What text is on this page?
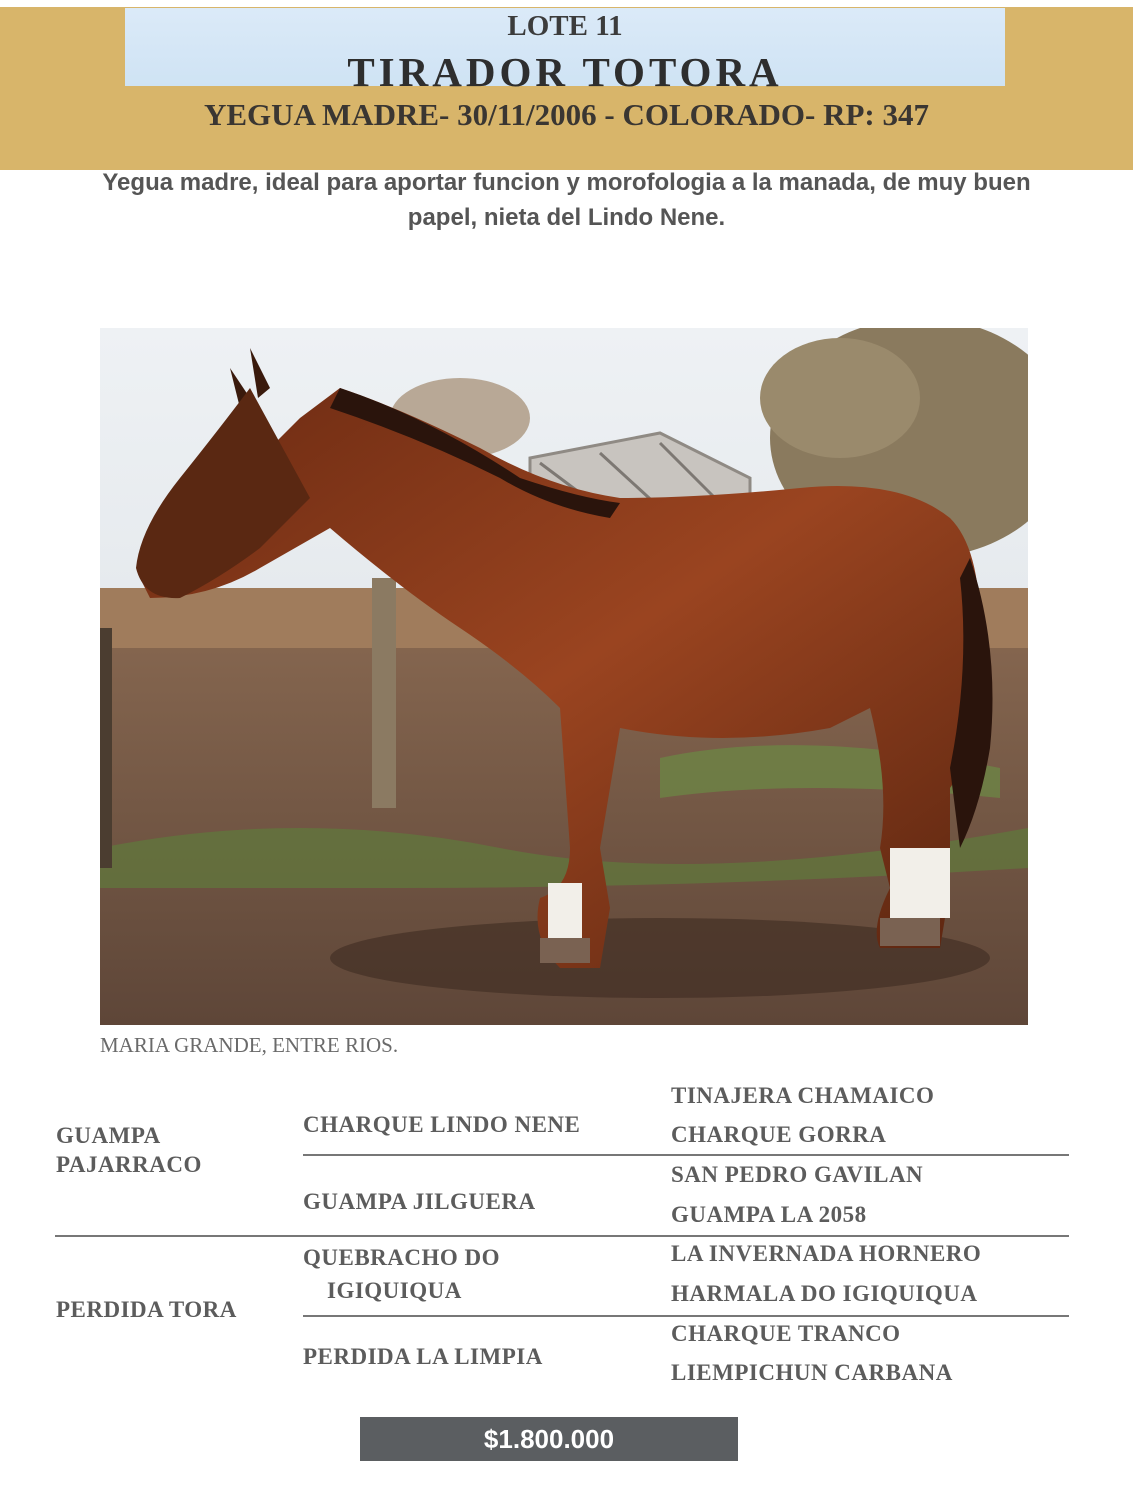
LOTE 11
TIRADOR TOTORA
YEGUA MADRE- 30/11/2006 - COLORADO- RP: 347
Yegua madre, ideal para aportar funcion y morofologia a la manada, de muy buen
papel, nieta del Lindo Nene.
MARIA GRANDE, ENTRE RIOS.
GUAMPA
PAJARRACO
PERDIDA TORA
CHARQUE LINDO NENE
GUAMPA JILGUERA
QUEBRACHO DO
IGIQUIQUA
PERDIDA LA LIMPIA
TINAJERA CHAMAICO
CHARQUE GORRA
SAN PEDRO GAVILAN
GUAMPA LA 2058
LA INVERNADA HORNERO
HARMALA DO IGIQUIQUA
CHARQUE TRANCO
LIEMPICHUN CARBANA
$1.800.000
